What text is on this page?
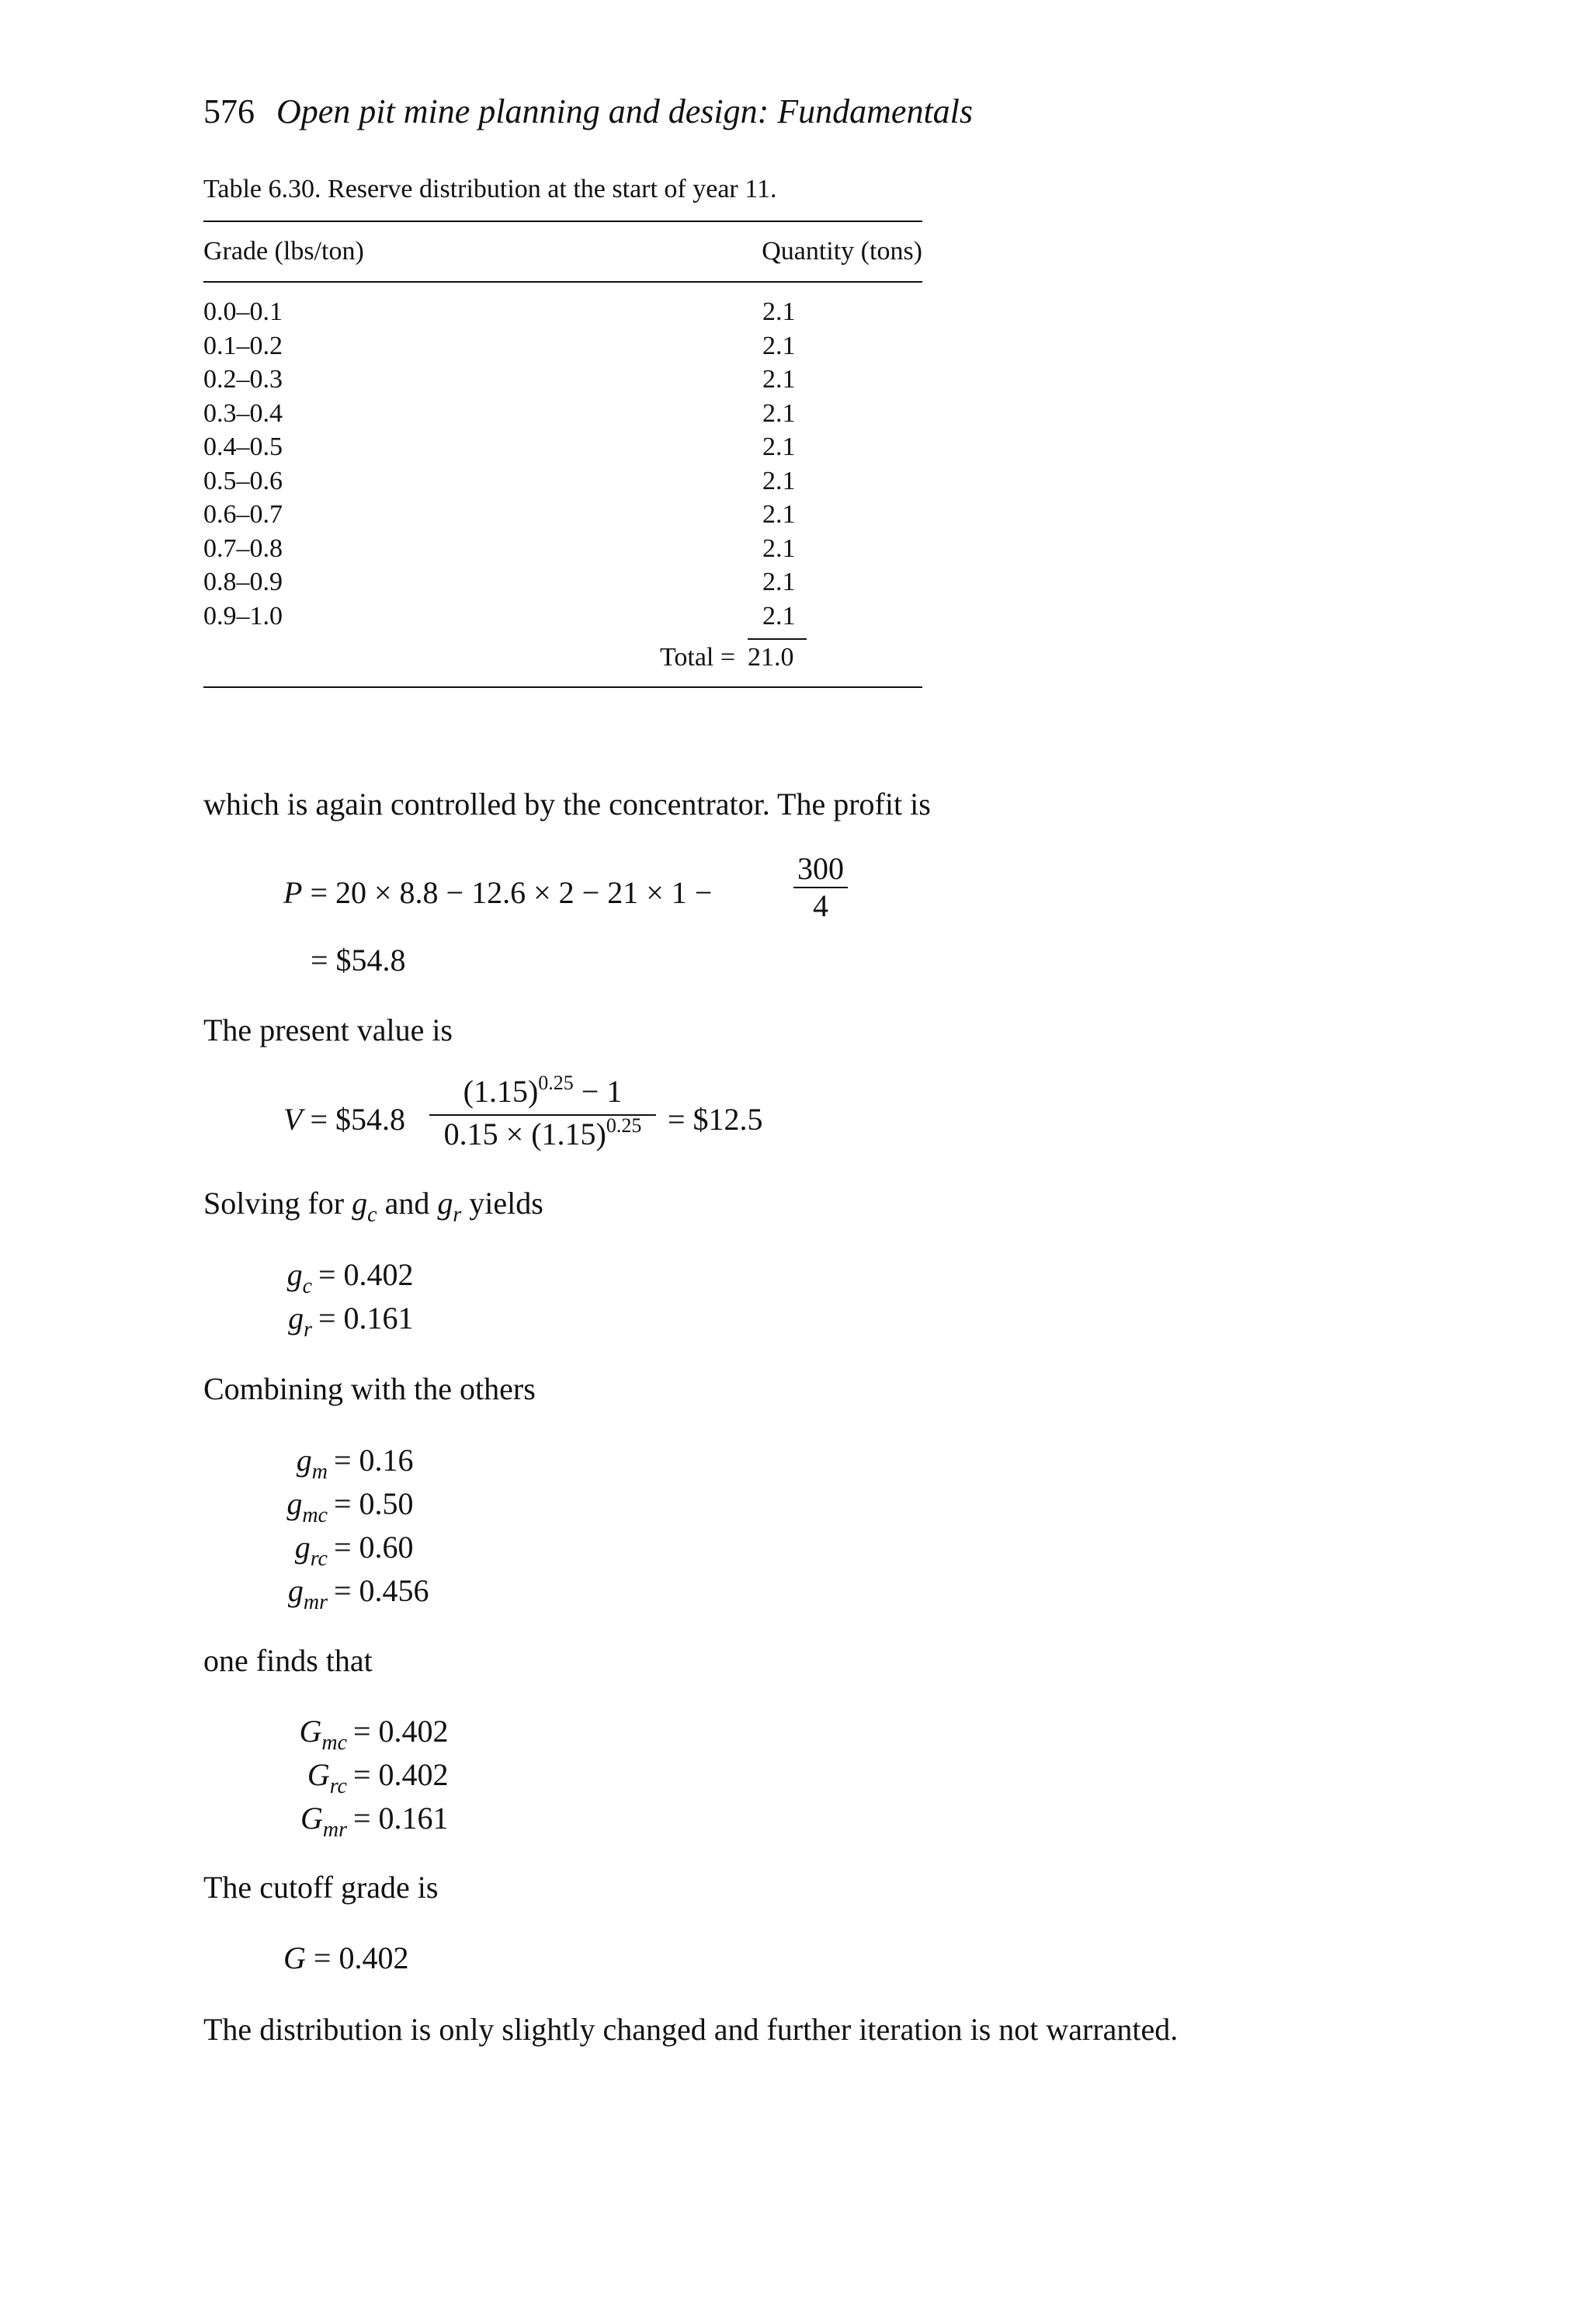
576 Open pit mine planning and design: Fundamentals
Table 6.30. Reserve distribution at the start of year 11.
Grade (lbs/ton)	Quantity (tons)
0.0–0.1	2.1
0.1–0.2	2.1
0.2–0.3	2.1
0.3–0.4	2.1
0.4–0.5	2.1
0.5–0.6	2.1
0.6–0.7	2.1
0.7–0.8	2.1
0.8–0.9	2.1
0.9–1.0	2.1
Total = 21.0
which is again controlled by the concentrator. The profit is
P = 20 × 8.8 − 12.6 × 2 − 21 × 1 −
300
4
= $54.8
The present value is
V = $54.8
$(1.15)^{0.25} - 1$
$0.15 \times (1.15)^{0.25}$ = $12.5
Solving for $g_c$ and $g_r$ yields
$g_c = 0.402$
$g_r = 0.161$
Combining with the others
$g_m = 0.16$
$g_{mc} = 0.50$
$g_{rc} = 0.60$
$g_{mr} = 0.456$
one finds that
$G_{mc} = 0.402$
$G_{rc} = 0.402$
$G_{mr} = 0.161$
The cutoff grade is
G = 0.402
The distribution is only slightly changed and further iteration is not warranted.
